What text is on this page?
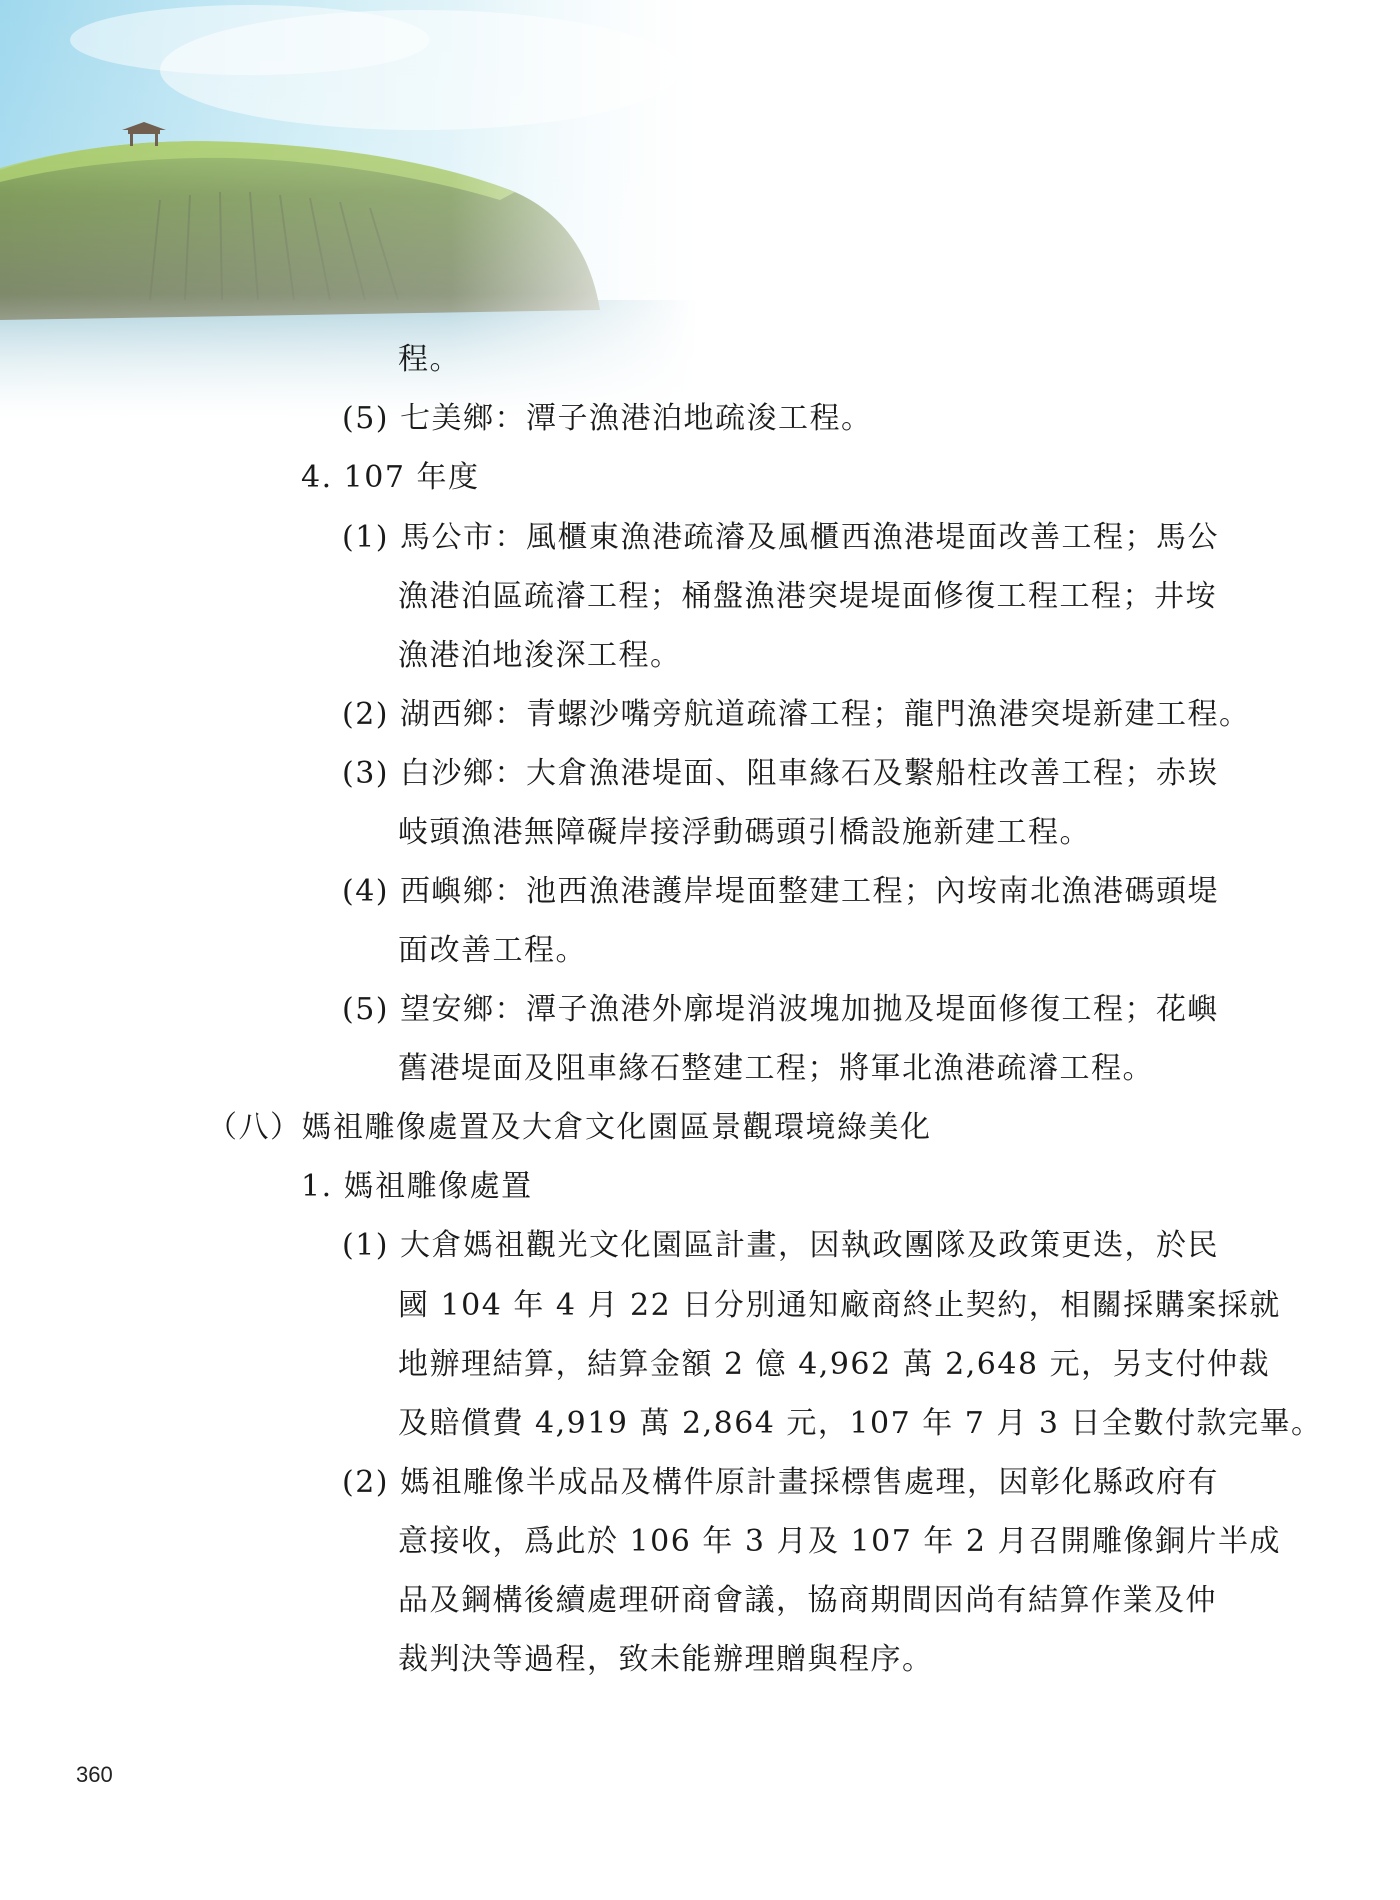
程。
(5) 七美鄉：潭子漁港泊地疏浚工程。
4. 107 年度
(1) 馬公市：風櫃東漁港疏濬及風櫃西漁港堤面改善工程；馬公
漁港泊區疏濬工程；桶盤漁港突堤堤面修復工程工程；井垵
漁港泊地浚深工程。
(2) 湖西鄉：青螺沙嘴旁航道疏濬工程；龍門漁港突堤新建工程。
(3) 白沙鄉：大倉漁港堤面、阻車緣石及繫船柱改善工程；赤崁
岐頭漁港無障礙岸接浮動碼頭引橋設施新建工程。
(4) 西嶼鄉：池西漁港護岸堤面整建工程；內垵南北漁港碼頭堤
面改善工程。
(5) 望安鄉：潭子漁港外廓堤消波塊加拋及堤面修復工程；花嶼
舊港堤面及阻車緣石整建工程；將軍北漁港疏濬工程。
（八）媽祖雕像處置及大倉文化園區景觀環境綠美化
1. 媽祖雕像處置
(1) 大倉媽祖觀光文化園區計畫，因執政團隊及政策更迭，於民
國 104 年 4 月 22 日分別通知廠商終止契約，相關採購案採就
地辦理結算，結算金額 2 億 4,962 萬 2,648 元，另支付仲裁
及賠償費 4,919 萬 2,864 元，107 年 7 月 3 日全數付款完畢。
(2) 媽祖雕像半成品及構件原計畫採標售處理，因彰化縣政府有
意接收，爲此於 106 年 3 月及 107 年 2 月召開雕像銅片半成
品及鋼構後續處理研商會議，協商期間因尚有結算作業及仲
裁判決等過程，致未能辦理贈與程序。
360
